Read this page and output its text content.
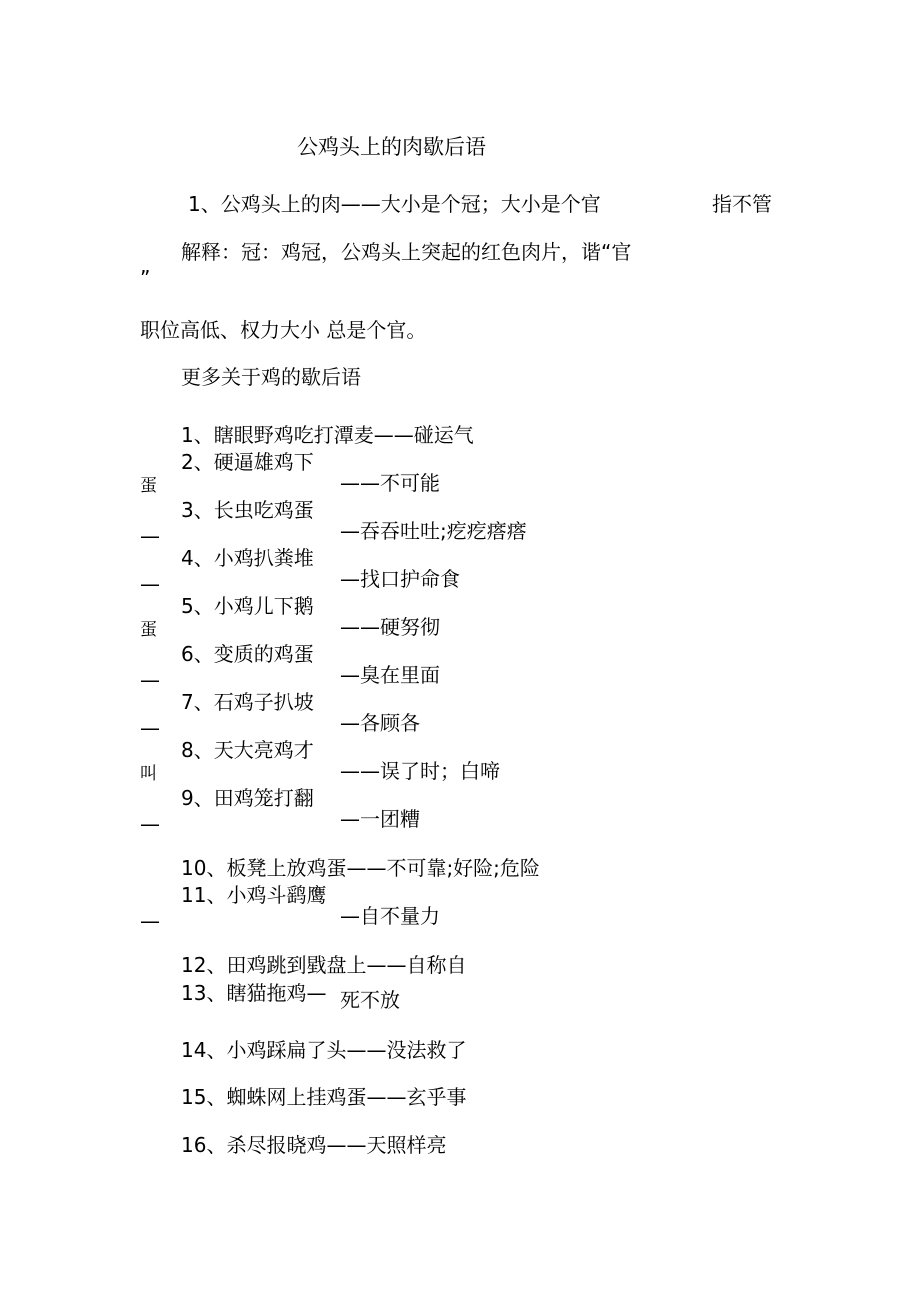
公鸡头上的肉歇后语
1、公鸡头上的肉——大小是个冠；大小是个官	指不管
解释：冠：鸡冠，公鸡头上突起的红色肉片，谐“官
”
职位高低、权力大小 总是个官。
更多关于鸡的歇后语
1、瞎眼野鸡吃打潭麦——碰运气
2、硬逼雄鸡下
蛋	——不可能
3、长虫吃鸡蛋
—	—吞吞吐吐;疙疙瘩瘩
4、小鸡扒粪堆
—	—找口护命食
5、小鸡儿下鹅
蛋	——硬努彻
6、变质的鸡蛋
—	—臭在里面
7、石鸡子扒坡
—	—各顾各
8、天大亮鸡才
叫	——误了时；白啼
9、田鸡笼打翻
—	—一团糟
10、板凳上放鸡蛋——不可靠;好险;危险
11、小鸡斗鹞鹰
—	—自不量力
12、田鸡跳到戥盘上——自称自
13、瞎猫拖鸡— 死不放
14、小鸡踩扁了头——没法救了
15、蜘蛛网上挂鸡蛋——玄乎事
16、杀尽报晓鸡——天照样亮
